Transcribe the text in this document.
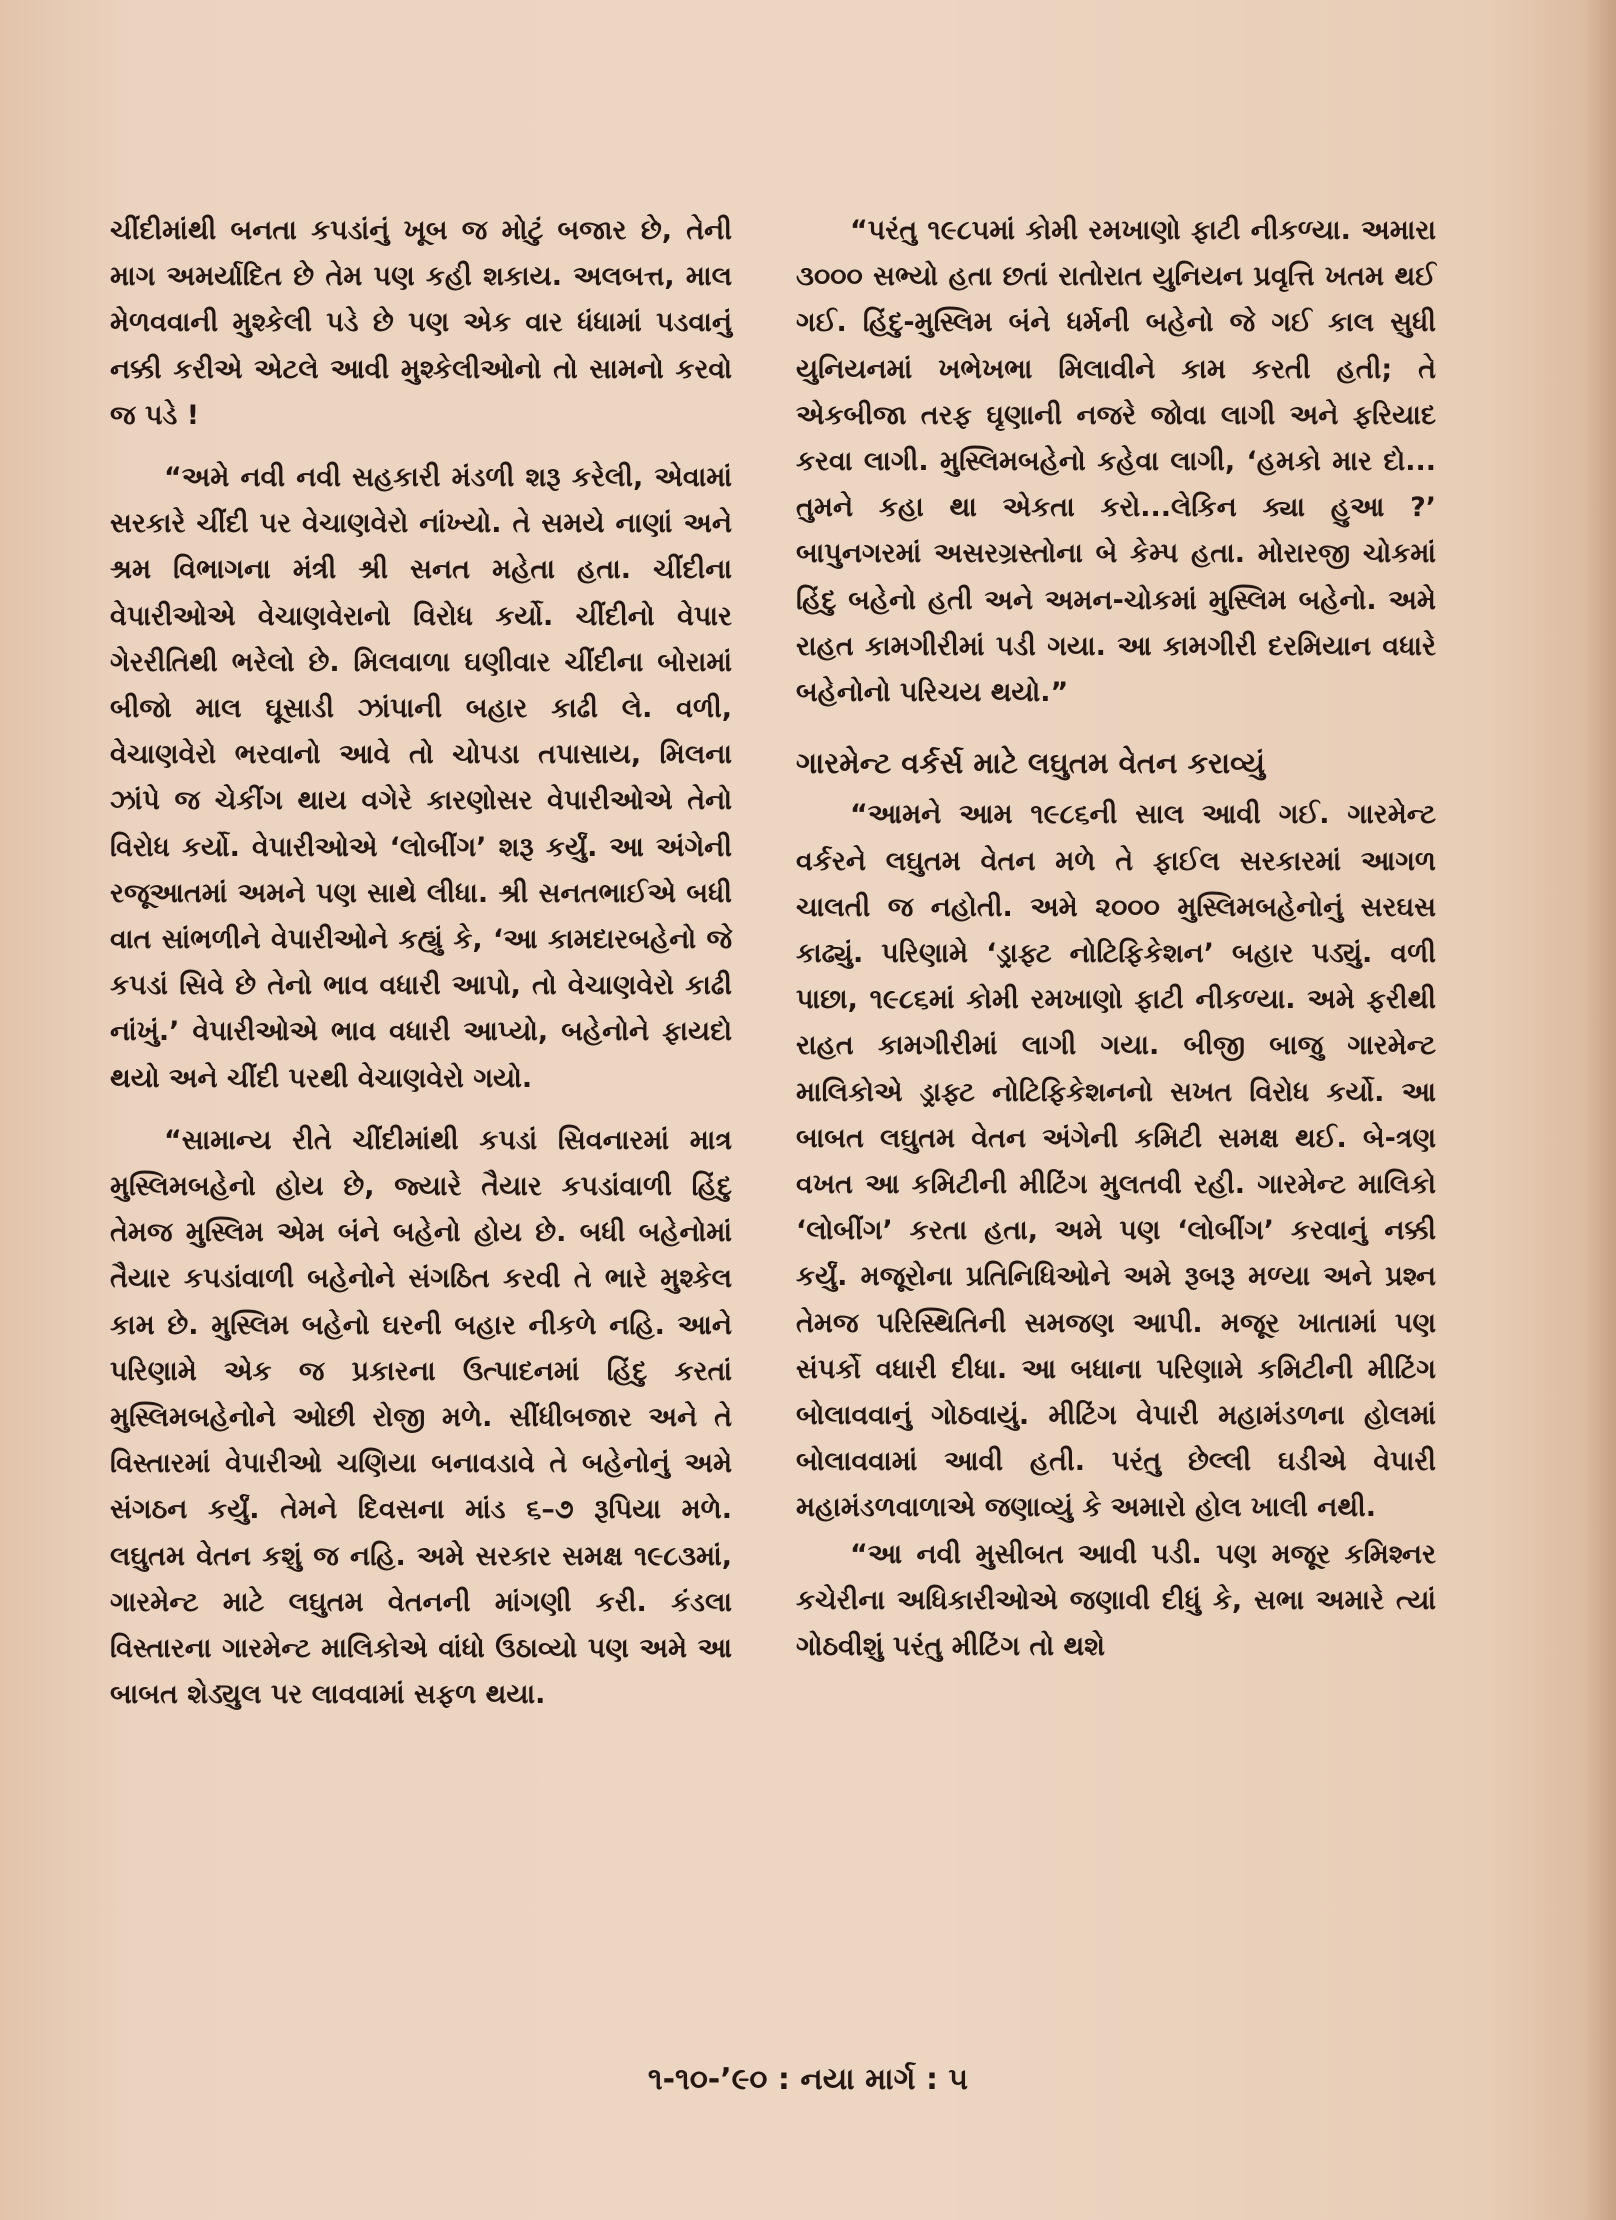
ચીંદીમાંથી બનતા કપડાંનું ખૂબ જ મોટું બજાર છે, તેની માગ અમર્યાદિત છે તેમ પણ કહી શકાય. અલબત્ત, માલ મેળવવાની મુશ્કેલી પડે છે પણ એક વાર ધંધામાં પડવાનું નક્કી કરીએ એટલે આવી મુશ્કેલીઓનો તો સામનો કરવો જ પડે !

“અમે નવી નવી સહકારી મંડળી શરૂ કરેલી, એવામાં સરકારે ચીંદી પર વેચાણવેરો નાંખ્યો. તે સમયે નાણાં અને શ્રમ વિભાગના મંત્રી શ્રી સનત મહેતા હતા. ચીંદીના વેપારીઓએ વેચાણવેરાનો વિરોધ કર્યો. ચીંદીનો વેપાર ગેરરીતિથી ભરેલો છે. મિલવાળા ઘણીવાર ચીંદીના બોરામાં બીજો માલ ઘૂસાડી ઝાંપાની બહાર કાઢી લે. વળી, વેચાણવેરો ભરવાનો આવે તો ચોપડા તપાસાય, મિલના ઝાંપે જ ચેકીંગ થાય વગેરે કારણોસર વેપારીઓએ તેનો વિરોધ કર્યો. વેપારીઓએ ‘લોબીંગ’ શરૂ કર્યું. આ અંગેની રજૂઆતમાં અમને પણ સાથે લીધા. શ્રી સનતભાઈએ બધી વાત સાંભળીને વેપારીઓને કહ્યું કે, ‘આ કામદારબહેનો જે કપડાં સિવે છે તેનો ભાવ વધારી આપો, તો વેચાણવેરો કાઢી નાંખું.’ વેપારીઓએ ભાવ વધારી આપ્યો, બહેનોને ફાયદો થયો અને ચીંદી પરથી વેચાણવેરો ગયો.

“સામાન્ય રીતે ચીંદીમાંથી કપડાં સિવનારમાં માત્ર મુસ્લિમબહેનો હોય છે, જ્યારે તૈયાર કપડાંવાળી હિંદુ તેમજ મુસ્લિમ એમ બંને બહેનો હોય છે. બધી બહેનોમાં તૈયાર કપડાંવાળી બહેનોને સંગઠિત કરવી તે ભારે મુશ્કેલ કામ છે. મુસ્લિમ બહેનો ઘરની બહાર નીકળે નહિ. આને પરિણામે એક જ પ્રકારના ઉત્પાદનમાં હિંદુ કરતાં મુસ્લિમબહેનોને ઓછી રોજી મળે. સીંધીબજાર અને તે વિસ્તારમાં વેપારીઓ ચણિયા બનાવડાવે તે બહેનોનું અમે સંગઠન કર્યું. તેમને દિવસના માંડ ૬–૭ રૂપિયા મળે. લઘુતમ વેતન કશું જ નહિ. અમે સરકાર સમક્ષ ૧૯૮૩માં, ગારમેન્ટ માટે લઘુતમ વેતનની માંગણી કરી. કંડલા વિસ્તારના ગારમેન્ટ માલિકોએ વાંધો ઉઠાવ્યો પણ અમે આ બાબત શેડ્યુલ પર લાવવામાં સફળ થયા.

“પરંતુ ૧૯૮૫માં કોમી રમખાણો ફાટી નીકળ્યા. અમારા ૩૦૦૦ સભ્યો હતા છતાં રાતોરાત યુનિયન પ્રવૃત્તિ ખતમ થઈ ગઈ. હિંદુ-મુસ્લિમ બંને ધર્મની બહેનો જે ગઈ કાલ સુધી યુનિયનમાં ખભેખભા મિલાવીને કામ કરતી હતી; તે એકબીજા તરફ ઘૃણાની નજરે જોવા લાગી અને ફરિયાદ કરવા લાગી. મુસ્લિમબહેનો કહેવા લાગી, ‘હમકો માર દો... તુમને કહા થા એકતા કરો...લેકિન ક્યા હુઆ ?’ બાપુનગરમાં અસરગ્રસ્તોના બે કેમ્પ હતા. મોરારજી ચોકમાં હિંદુ બહેનો હતી અને અમન-ચોકમાં મુસ્લિમ બહેનો. અમે રાહત કામગીરીમાં પડી ગયા. આ કામગીરી દરમિયાન વધારે બહેનોનો પરિચય થયો.”

ગારમેન્ટ વર્કર્સ માટે લઘુતમ વેતન કરાવ્યું

“આમને આમ ૧૯૮૬ની સાલ આવી ગઈ. ગારમેન્ટ વર્કરને લઘુતમ વેતન મળે તે ફાઈલ સરકારમાં આગળ ચાલતી જ નહોતી. અમે ૨૦૦૦ મુસ્લિમબહેનોનું સરઘસ કાઢ્યું. પરિણામે ‘ડ્રાફ્ટ નોટિફિકેશન’ બહાર પડ્યું. વળી પાછા, ૧૯૮૬માં કોમી રમખાણો ફાટી નીકળ્યા. અમે ફરીથી રાહત કામગીરીમાં લાગી ગયા. બીજી બાજુ ગારમેન્ટ માલિકોએ ડ્રાફ્ટ નોટિફિકેશનનો સખત વિરોધ કર્યો. આ બાબત લઘુતમ વેતન અંગેની કમિટી સમક્ષ થઈ. બે-ત્રણ વખત આ કમિટીની મીટિંગ મુલતવી રહી. ગારમેન્ટ માલિકો ‘લોબીંગ’ કરતા હતા, અમે પણ ‘લોબીંગ’ કરવાનું નક્કી કર્યું. મજૂરોના પ્રતિનિધિઓને અમે રૂબરૂ મળ્યા અને પ્રશ્ન તેમજ પરિસ્થિતિની સમજણ આપી. મજૂર ખાતામાં પણ સંપર્કો વધારી દીધા. આ બધાના પરિણામે કમિટીની મીટિંગ બોલાવવાનું ગોઠવાયું. મીટિંગ વેપારી મહામંડળના હોલમાં બોલાવવામાં આવી હતી. પરંતુ છેલ્લી ઘડીએ વેપારી મહામંડળવાળાએ જણાવ્યું કે અમારો હોલ ખાલી નથી.

“આ નવી મુસીબત આવી પડી. પણ મજૂર કમિશ્નર કચેરીના અધિકારીઓએ જણાવી દીધું કે, સભા અમારે ત્યાં ગોઠવીશું પરંતુ મીટિંગ તો થશે

૧-૧૦-’૯૦ : નયા માર્ગ : ૫
